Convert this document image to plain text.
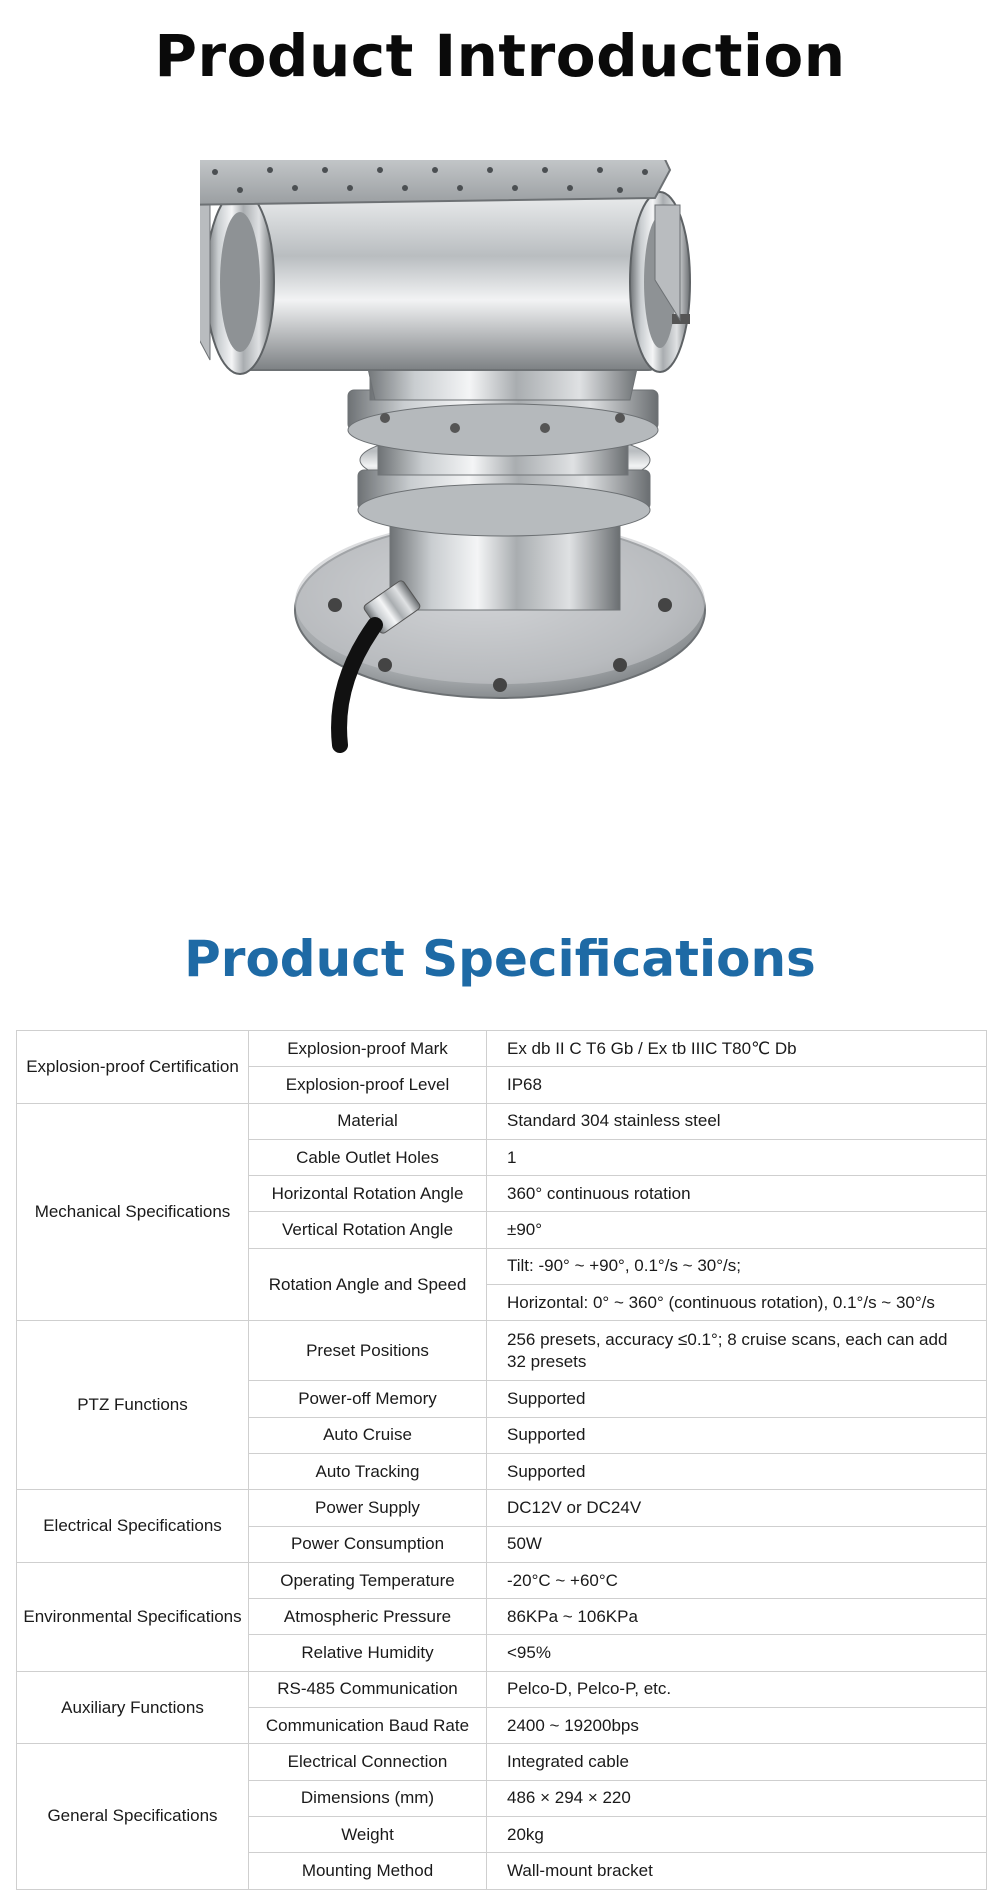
Product Introduction
Product Specifications
Explosion-proof Certification	Explosion-proof Mark	Ex db II C T6 Gb / Ex tb IIIC T80℃ Db
	Explosion-proof Level	IP68
Mechanical Specifications	Material	Standard 304 stainless steel
	Cable Outlet Holes	1
	Horizontal Rotation Angle	360° continuous rotation
	Vertical Rotation Angle	±90°
	Rotation Angle and Speed	Tilt: -90° ~ +90°, 0.1°/s ~ 30°/s;
		Horizontal: 0° ~ 360° (continuous rotation), 0.1°/s ~ 30°/s
PTZ Functions	Preset Positions	256 presets, accuracy ≤0.1°; 8 cruise scans, each can add 32 presets
	Power-off Memory	Supported
	Auto Cruise	Supported
	Auto Tracking	Supported
Electrical Specifications	Power Supply	DC12V or DC24V
	Power Consumption	50W
Environmental Specifications	Operating Temperature	-20°C ~ +60°C
	Atmospheric Pressure	86KPa ~ 106KPa
	Relative Humidity	<95%
Auxiliary Functions	RS-485 Communication	Pelco-D, Pelco-P, etc.
	Communication Baud Rate	2400 ~ 19200bps
General Specifications	Electrical Connection	Integrated cable
	Dimensions (mm)	486 × 294 × 220
	Weight	20kg
	Mounting Method	Wall-mount bracket
